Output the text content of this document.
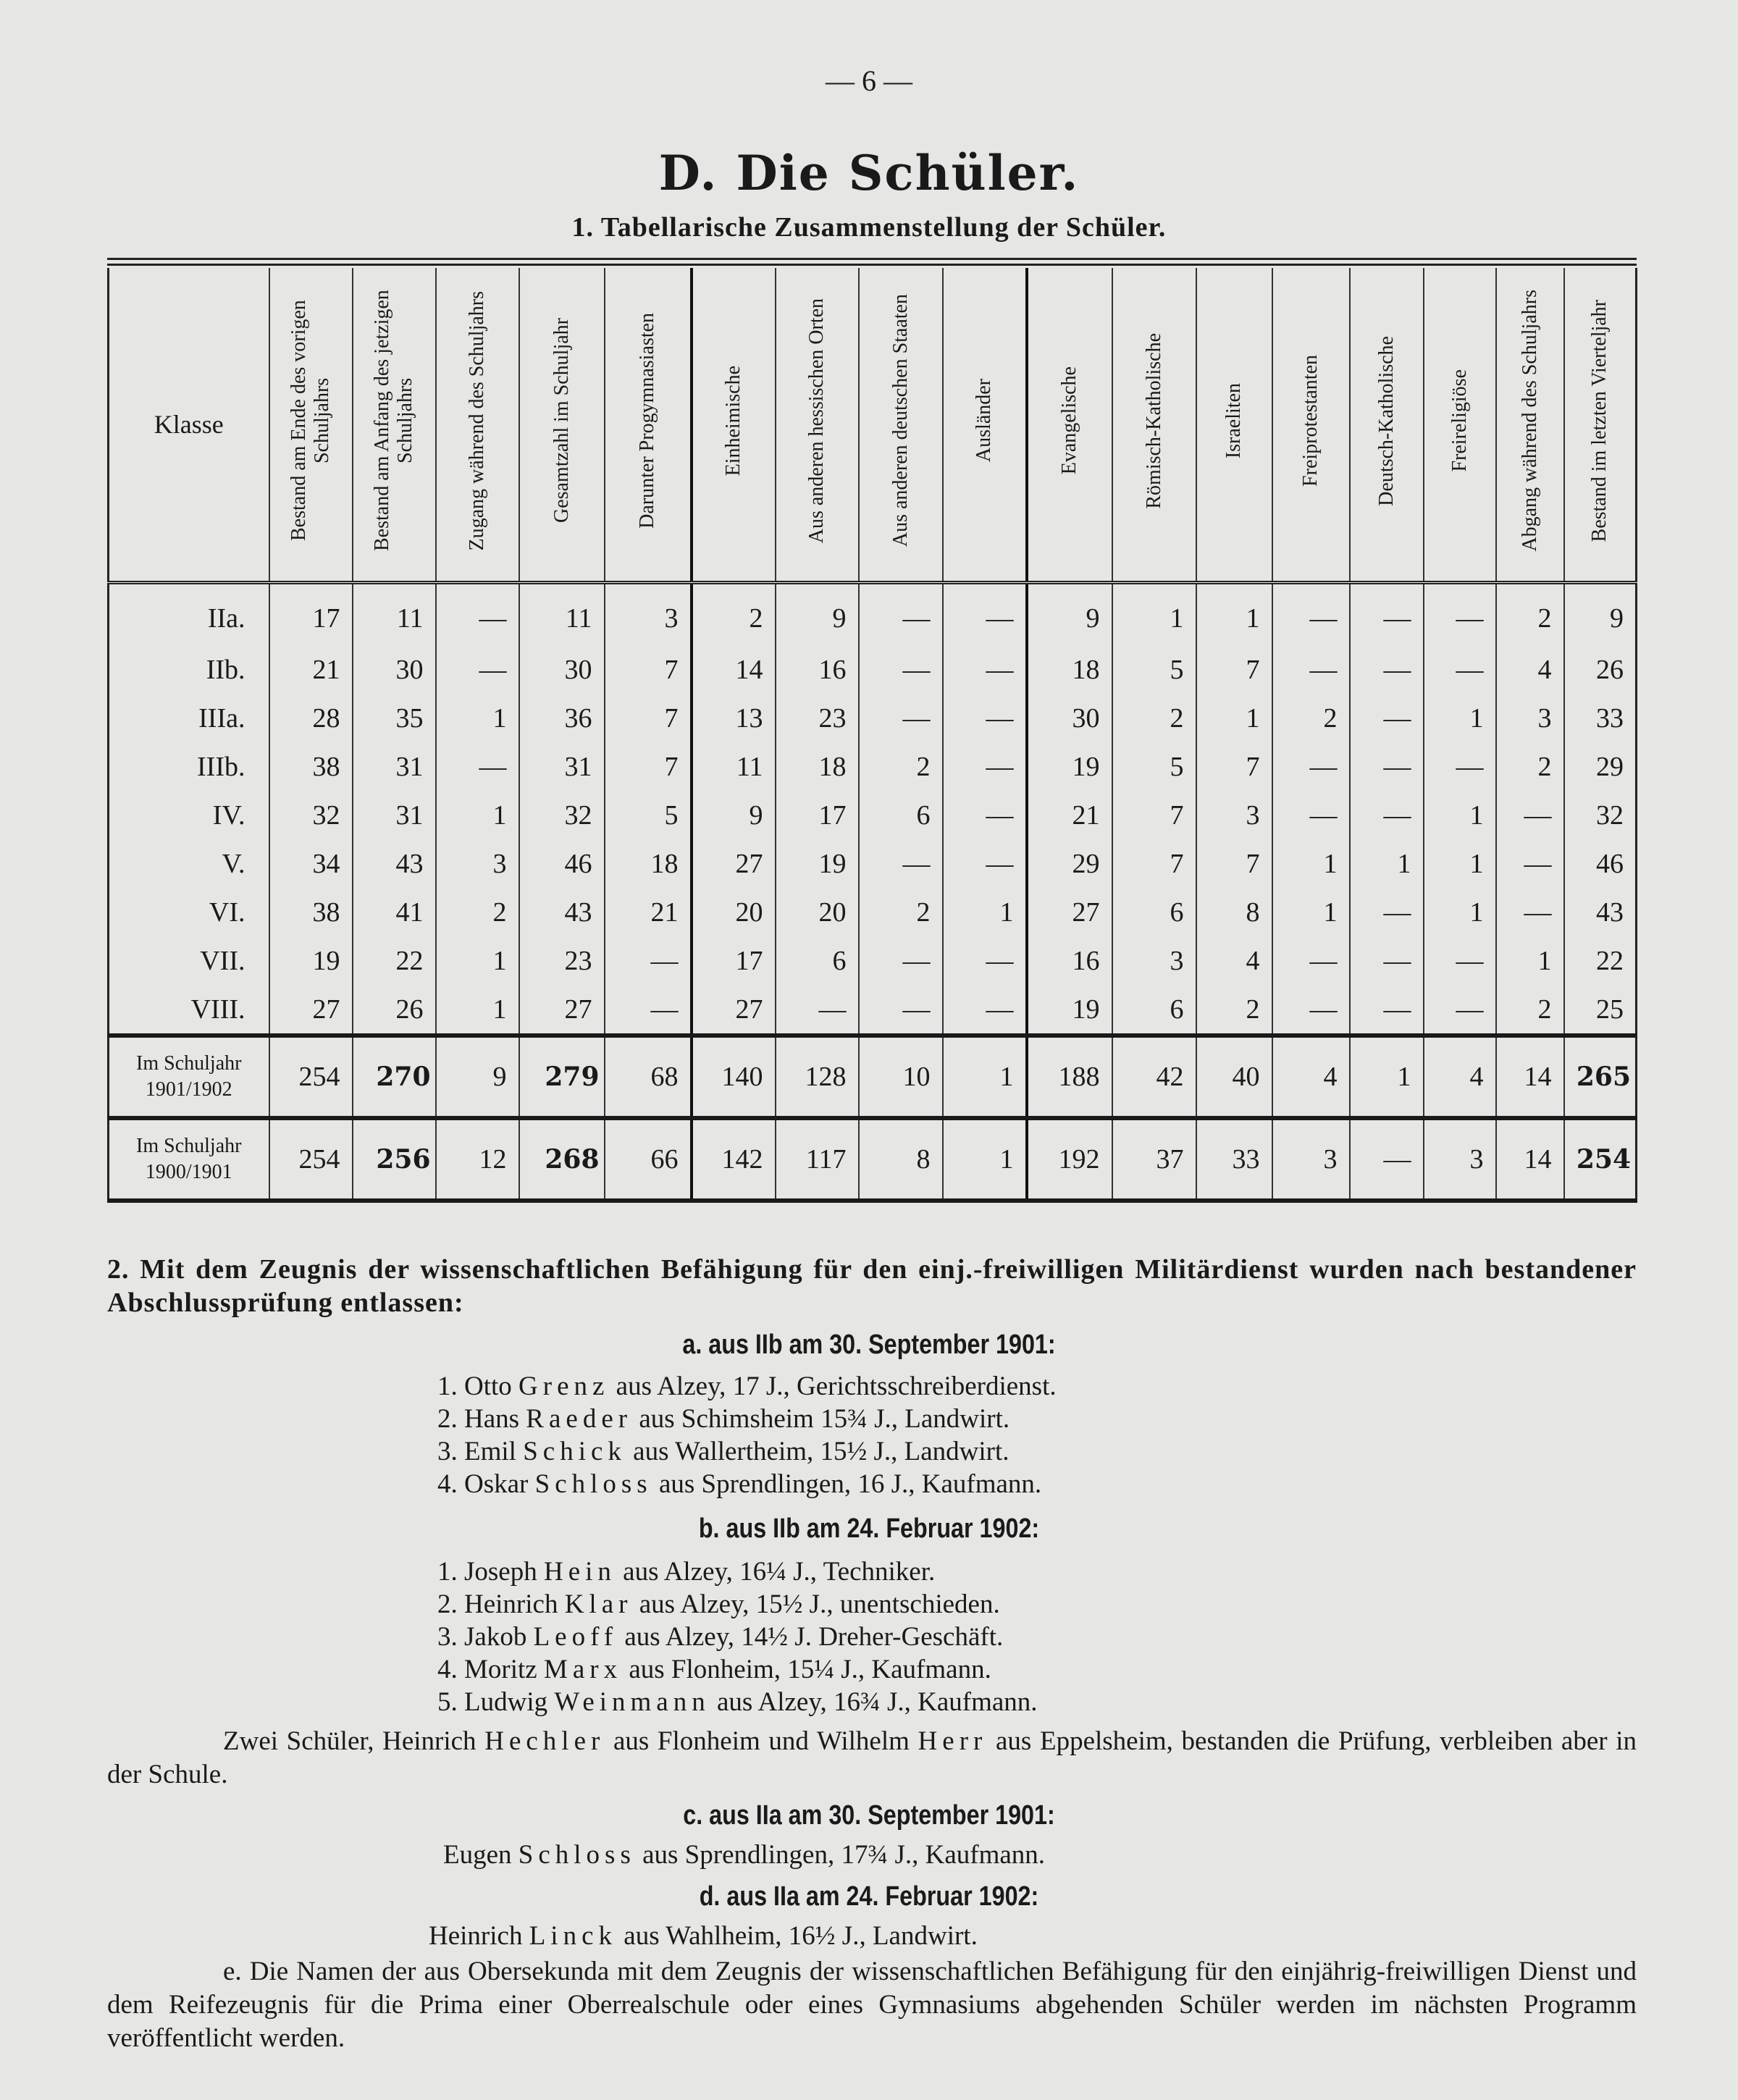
— 6 —
D. Die Schüler.
1. Tabellarische Zusammenstellung der Schüler.
Klasse	Bestand am Ende des vorigen Schuljahrs	Bestand am Anfang des jetzigen Schuljahrs	Zugang während des Schuljahrs	Gesamtzahl im Schuljahr	Darunter Progymnasiasten	Einheimische	Aus anderen hessischen Orten	Aus anderen deutschen Staaten	Ausländer	Evangelische	Römisch-Katholische	Israeliten	Freiprotestanten	Deutsch-Katholische	Freireligiöse	Abgang während des Schuljahrs	Bestand im letzten Vierteljahr
IIa.	17	11	—	11	3	2	9	—	—	9	1	1	—	—	—	2	9
IIb.	21	30	—	30	7	14	16	—	—	18	5	7	—	—	—	4	26
IIIa.	28	35	1	36	7	13	23	—	—	30	2	1	2	—	1	3	33
IIIb.	38	31	—	31	7	11	18	2	—	19	5	7	—	—	—	2	29
IV.	32	31	1	32	5	9	17	6	—	21	7	3	—	—	1	—	32
V.	34	43	3	46	18	27	19	—	—	29	7	7	1	1	1	—	46
VI.	38	41	2	43	21	20	20	2	1	27	6	8	1	—	1	—	43
VII.	19	22	1	23	—	17	6	—	—	16	3	4	—	—	—	1	22
VIII.	27	26	1	27	—	27	—	—	—	19	6	2	—	—	—	2	25
Im Schuljahr 1901/1902	254	270	9	279	68	140	128	10	1	188	42	40	4	1	4	14	265
Im Schuljahr 1900/1901	254	256	12	268	66	142	117	8	1	192	37	33	3	—	3	14	254
2. Mit dem Zeugnis der wissenschaftlichen Befähigung für den einj.-freiwilligen Militärdienst wurden nach bestandener Abschlussprüfung entlassen:
a. aus IIb am 30. September 1901:
1. Otto Grenz aus Alzey, 17 J., Gerichtsschreiberdienst.
2. Hans Raeder aus Schimsheim 15¾ J., Landwirt.
3. Emil Schick aus Wallertheim, 15½ J., Landwirt.
4. Oskar Schloss aus Sprendlingen, 16 J., Kaufmann.
b. aus IIb am 24. Februar 1902:
1. Joseph Hein aus Alzey, 16¼ J., Techniker.
2. Heinrich Klar aus Alzey, 15½ J., unentschieden.
3. Jakob Leoff aus Alzey, 14½ J. Dreher-Geschäft.
4. Moritz Marx aus Flonheim, 15¼ J., Kaufmann.
5. Ludwig Weinmann aus Alzey, 16¾ J., Kaufmann.
Zwei Schüler, Heinrich Hechler aus Flonheim und Wilhelm Herr aus Eppelsheim, bestanden die Prüfung, verbleiben aber in der Schule.
c. aus IIa am 30. September 1901:
Eugen Schloss aus Sprendlingen, 17¾ J., Kaufmann.
d. aus IIa am 24. Februar 1902:
Heinrich Linck aus Wahlheim, 16½ J., Landwirt.
e. Die Namen der aus Obersekunda mit dem Zeugnis der wissenschaftlichen Befähigung für den einjährig-freiwilligen Dienst und dem Reifezeugnis für die Prima einer Oberrealschule oder eines Gymnasiums abgehenden Schüler werden im nächsten Programm veröffentlicht werden.
